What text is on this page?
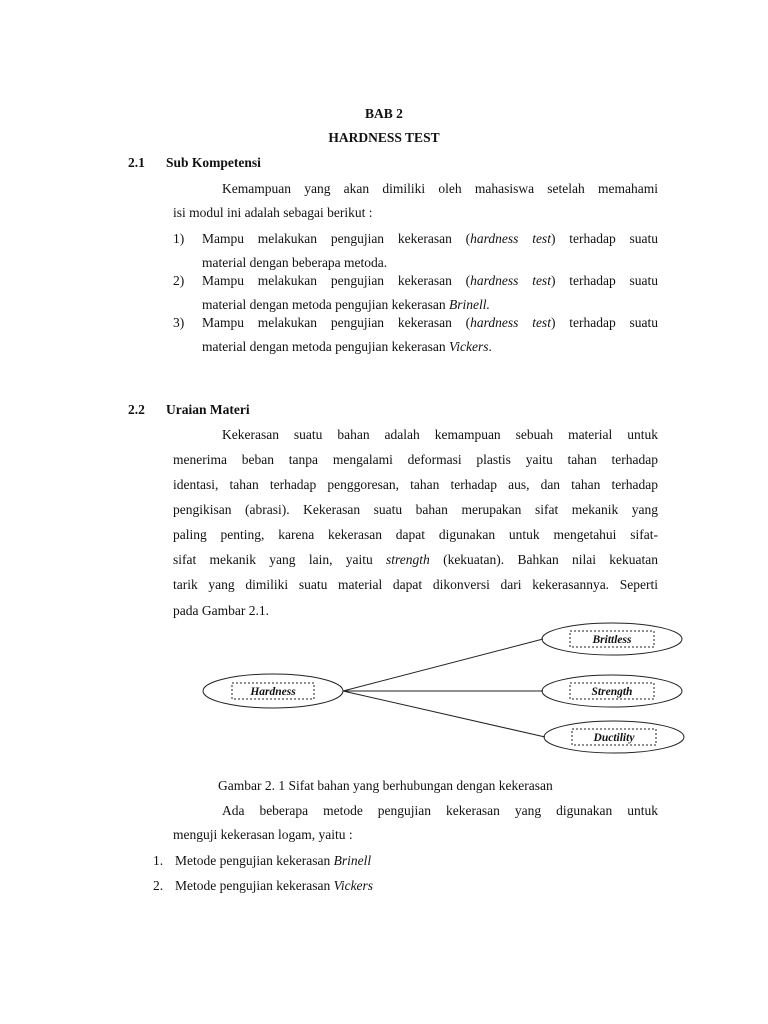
BAB 2
HARDNESS TEST
2.1 Sub Kompetensi
Kemampuan yang akan dimiliki oleh mahasiswa setelah memahami
isi modul ini adalah sebagai berikut :
1) Mampu melakukan pengujian kekerasan (hardness test) terhadap suatu
material dengan beberapa metoda.
2) Mampu melakukan pengujian kekerasan (hardness test) terhadap suatu
material dengan metoda pengujian kekerasan Brinell.
3) Mampu melakukan pengujian kekerasan (hardness test) terhadap suatu
material dengan metoda pengujian kekerasan Vickers.
2.2 Uraian Materi
Kekerasan suatu bahan adalah kemampuan sebuah material untuk
menerima beban tanpa mengalami deformasi plastis yaitu tahan terhadap
identasi, tahan terhadap penggoresan, tahan terhadap aus, dan tahan terhadap
pengikisan (abrasi). Kekerasan suatu bahan merupakan sifat mekanik yang
paling penting, karena kekerasan dapat digunakan untuk mengetahui sifat-
sifat mekanik yang lain, yaitu strength (kekuatan). Bahkan nilai kekuatan
tarik yang dimiliki suatu material dapat dikonversi dari kekerasannya. Seperti
pada Gambar 2.1.
Hardness
Brittless
Strength
Ductility
Gambar 2. 1 Sifat bahan yang berhubungan dengan kekerasan
Ada beberapa metode pengujian kekerasan yang digunakan untuk
menguji kekerasan logam, yaitu :
1. Metode pengujian kekerasan Brinell
2. Metode pengujian kekerasan Vickers
